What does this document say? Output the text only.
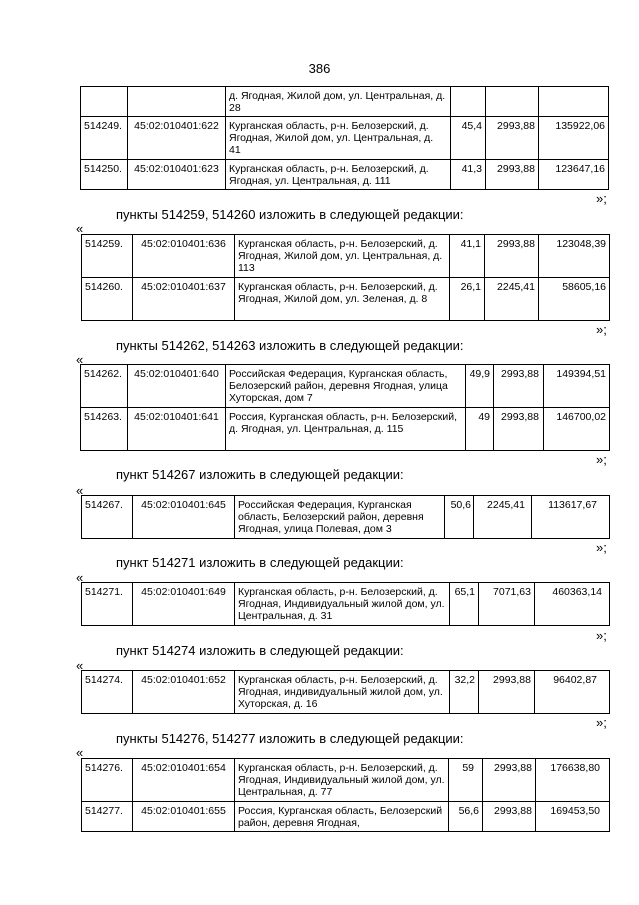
386
		д. Ягодная, Жилой дом, ул. Центральная, д. 28			
514249.	45:02:010401:622	Курганская область, р-н. Белозерский, д. Ягодная, Жилой дом, ул. Центральная, д. 41	45,4	2993,88	135922,06
514250.	45:02:010401:623	Курганская область, р-н. Белозерский, д. Ягодная, ул. Центральная, д. 111	41,3	2993,88	123647,16
»;
пункты 514259, 514260 изложить в следующей редакции:
«
514259.	45:02:010401:636	Курганская область, р-н. Белозерский, д. Ягодная, Жилой дом, ул. Центральная, д. 113	41,1	2993,88	123048,39
514260.	45:02:010401:637	Курганская область, р-н. Белозерский, д. Ягодная, Жилой дом, ул. Зеленая, д. 8	26,1	2245,41	58605,16
»;
пункты 514262, 514263 изложить в следующей редакции:
«
514262.	45:02:010401:640	Российская Федерация, Курганская область, Белозерский район, деревня Ягодная, улица Хуторская, дом 7	49,9	2993,88	149394,51
514263.	45:02:010401:641	Россия, Курганская область, р-н. Белозерский, д. Ягодная, ул. Центральная, д. 115	49	2993,88	146700,02
»;
пункт 514267 изложить в следующей редакции:
«
514267.	45:02:010401:645	Российская Федерация, Курганская область, Белозерский район, деревня Ягодная, улица Полевая, дом 3	50,6	2245,41	113617,67
»;
пункт 514271 изложить в следующей редакции:
«
514271.	45:02:010401:649	Курганская область, р-н. Белозерский, д. Ягодная, Индивидуальный жилой дом, ул. Центральная, д. 31	65,1	7071,63	460363,14
»;
пункт 514274 изложить в следующей редакции:
«
514274.	45:02:010401:652	Курганская область, р-н. Белозерский, д. Ягодная, индивидуальный жилой дом, ул. Хуторская, д. 16	32,2	2993,88	96402,87
»;
пункты 514276, 514277 изложить в следующей редакции:
«
514276.	45:02:010401:654	Курганская область, р-н. Белозерский, д. Ягодная, Индивидуальный жилой дом, ул. Центральная, д. 77	59	2993,88	176638,80
514277.	45:02:010401:655	Россия, Курганская область, Белозерский район, деревня Ягодная,	56,6	2993,88	169453,50
